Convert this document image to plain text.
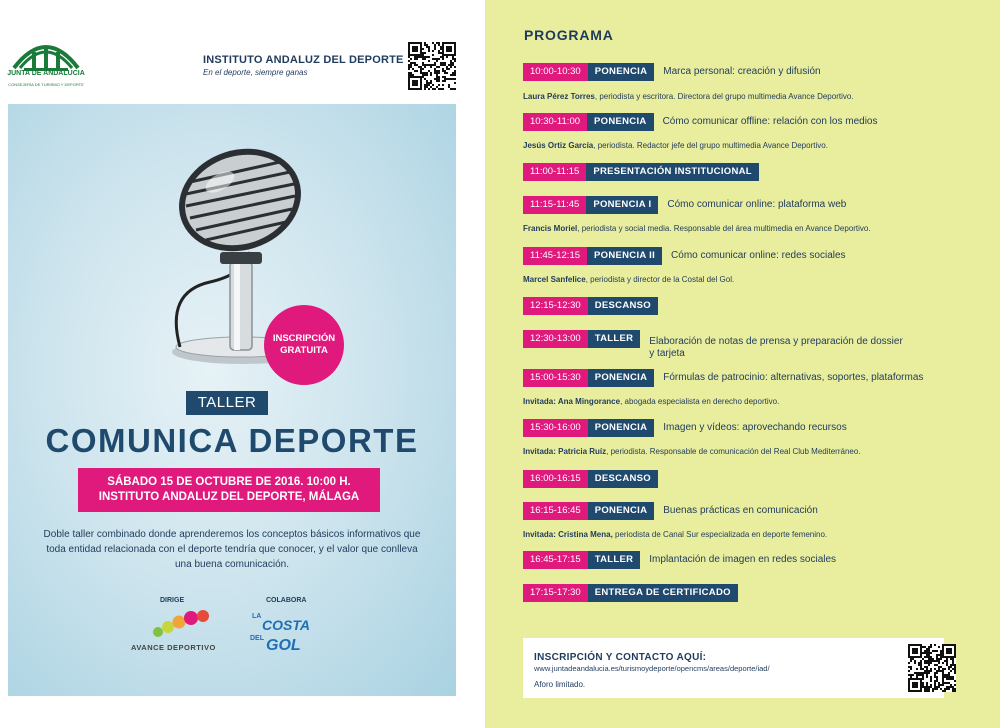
JUNTA DE ANDALUCIA
CONSEJERÍA DE TURISMO Y DEPORTE
INSTITUTO ANDALUZ DEL DEPORTE
En el deporte, siempre ganas
INSCRIPCIÓN
GRATUITA
TALLER
COMUNICA DEPORTE
SÁBADO 15 DE OCTUBRE DE 2016. 10:00 H.
INSTITUTO ANDALUZ DEL DEPORTE, MÁLAGA
Doble taller combinado donde aprenderemos los conceptos básicos informativos que toda entidad relacionada con el deporte tendría que conocer, y el valor que conlleva una buena comunicación.
DIRIGE	COLABORA
AVANCE DEPORTIVO
LA
COSTA
DEL GOL
PROGRAMA
10:00-10:30	PONENCIA	Marca personal: creación y difusión
Laura Pérez Torres, periodista y escritora. Directora del grupo multimedia Avance Deportivo.
10:30-11:00	PONENCIA	Cómo comunicar offline: relación con los medios
Jesús Ortiz García, periodista. Redactor jefe del grupo multimedia Avance Deportivo.
11:00-11:15	PRESENTACIÓN INSTITUCIONAL
11:15-11:45	PONENCIA I	Cómo comunicar online: plataforma web
Francis Moriel, periodista y social media. Responsable del área multimedia en Avance Deportivo.
11:45-12:15	PONENCIA II	Cómo comunicar online: redes sociales
Marcel Sanfelice, periodista y director de la Costal del Gol.
12:15-12:30	DESCANSO
12:30-13:00	TALLER	Elaboración de notas de prensa y preparación de dossier y tarjeta
15:00-15:30	PONENCIA	Fórmulas de patrocinio: alternativas, soportes, plataformas
Invitada: Ana Mingorance, abogada especialista en derecho deportivo.
15:30-16:00	PONENCIA	Imagen y vídeos: aprovechando recursos
Invitada: Patricia Ruíz, periodista. Responsable de comunicación del Real Club Mediterráneo.
16:00-16:15	DESCANSO
16:15-16:45	PONENCIA	Buenas prácticas en comunicación
Invitada: Cristina Mena, periodista de Canal Sur especializada en deporte femenino.
16:45-17:15	TALLER	Implantación de imagen en redes sociales
17:15-17:30	ENTREGA DE CERTIFICADO
INSCRIPCIÓN Y CONTACTO AQUÍ:
www.juntadeandalucia.es/turismoydeporte/opencms/areas/deporte/iad/
Aforo limitado.
